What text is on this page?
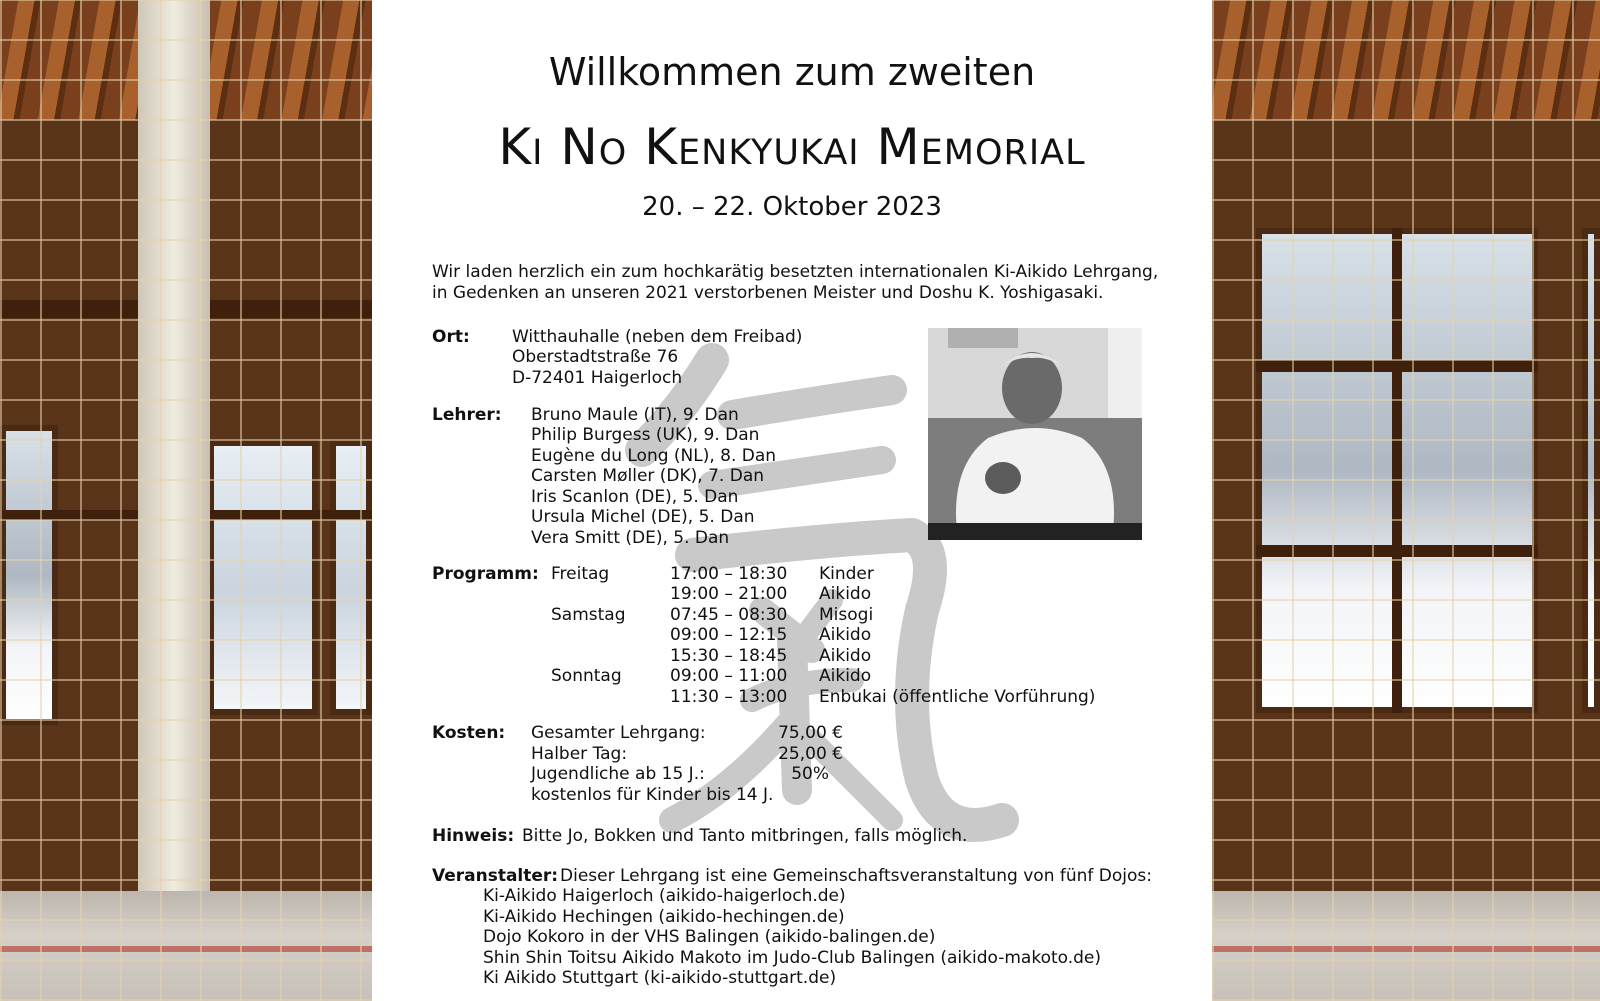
Willkommen zum zweiten
Ki No Kenkyukai Memorial
20. – 22. Oktober 2023
Wir laden herzlich ein zum hochkarätig besetzten internationalen Ki-Aikido Lehrgang,
in Gedenken an unseren 2021 verstorbenen Meister und Doshu K. Yoshigasaki.
Ort: Witthauhalle (neben dem Freibad)
Oberstadtstraße 76
D-72401 Haigerloch
Lehrer: Bruno Maule (IT), 9. Dan
Philip Burgess (UK), 9. Dan
Eugène du Long (NL), 8. Dan
Carsten Møller (DK), 7. Dan
Iris Scanlon (DE), 5. Dan
Ursula Michel (DE), 5. Dan
Vera Smitt (DE), 5. Dan
Programm: Freitag	17:00 – 18:30 Kinder
19:00 – 21:00 Aikido
Samstag	07:45 – 08:30 Misogi
09:00 – 12:15 Aikido
15:30 – 18:45 Aikido
Sonntag	09:00 – 11:00 Aikido
11:30 – 13:00 Enbukai (öffentliche Vorführung)
Kosten: Gesamter Lehrgang:	75,00 €
Halber Tag:	25,00 €
Jugendliche ab 15 J.:	50%
kostenlos für Kinder bis 14 J.
Hinweis: Bitte Jo, Bokken und Tanto mitbringen, falls möglich.
Veranstalter: Dieser Lehrgang ist eine Gemeinschaftsveranstaltung von fünf Dojos:
Ki-Aikido Haigerloch (aikido-haigerloch.de)
Ki-Aikido Hechingen (aikido-hechingen.de)
Dojo Kokoro in der VHS Balingen (aikido-balingen.de)
Shin Shin Toitsu Aikido Makoto im Judo-Club Balingen (aikido-makoto.de)
Ki Aikido Stuttgart (ki-aikido-stuttgart.de)
